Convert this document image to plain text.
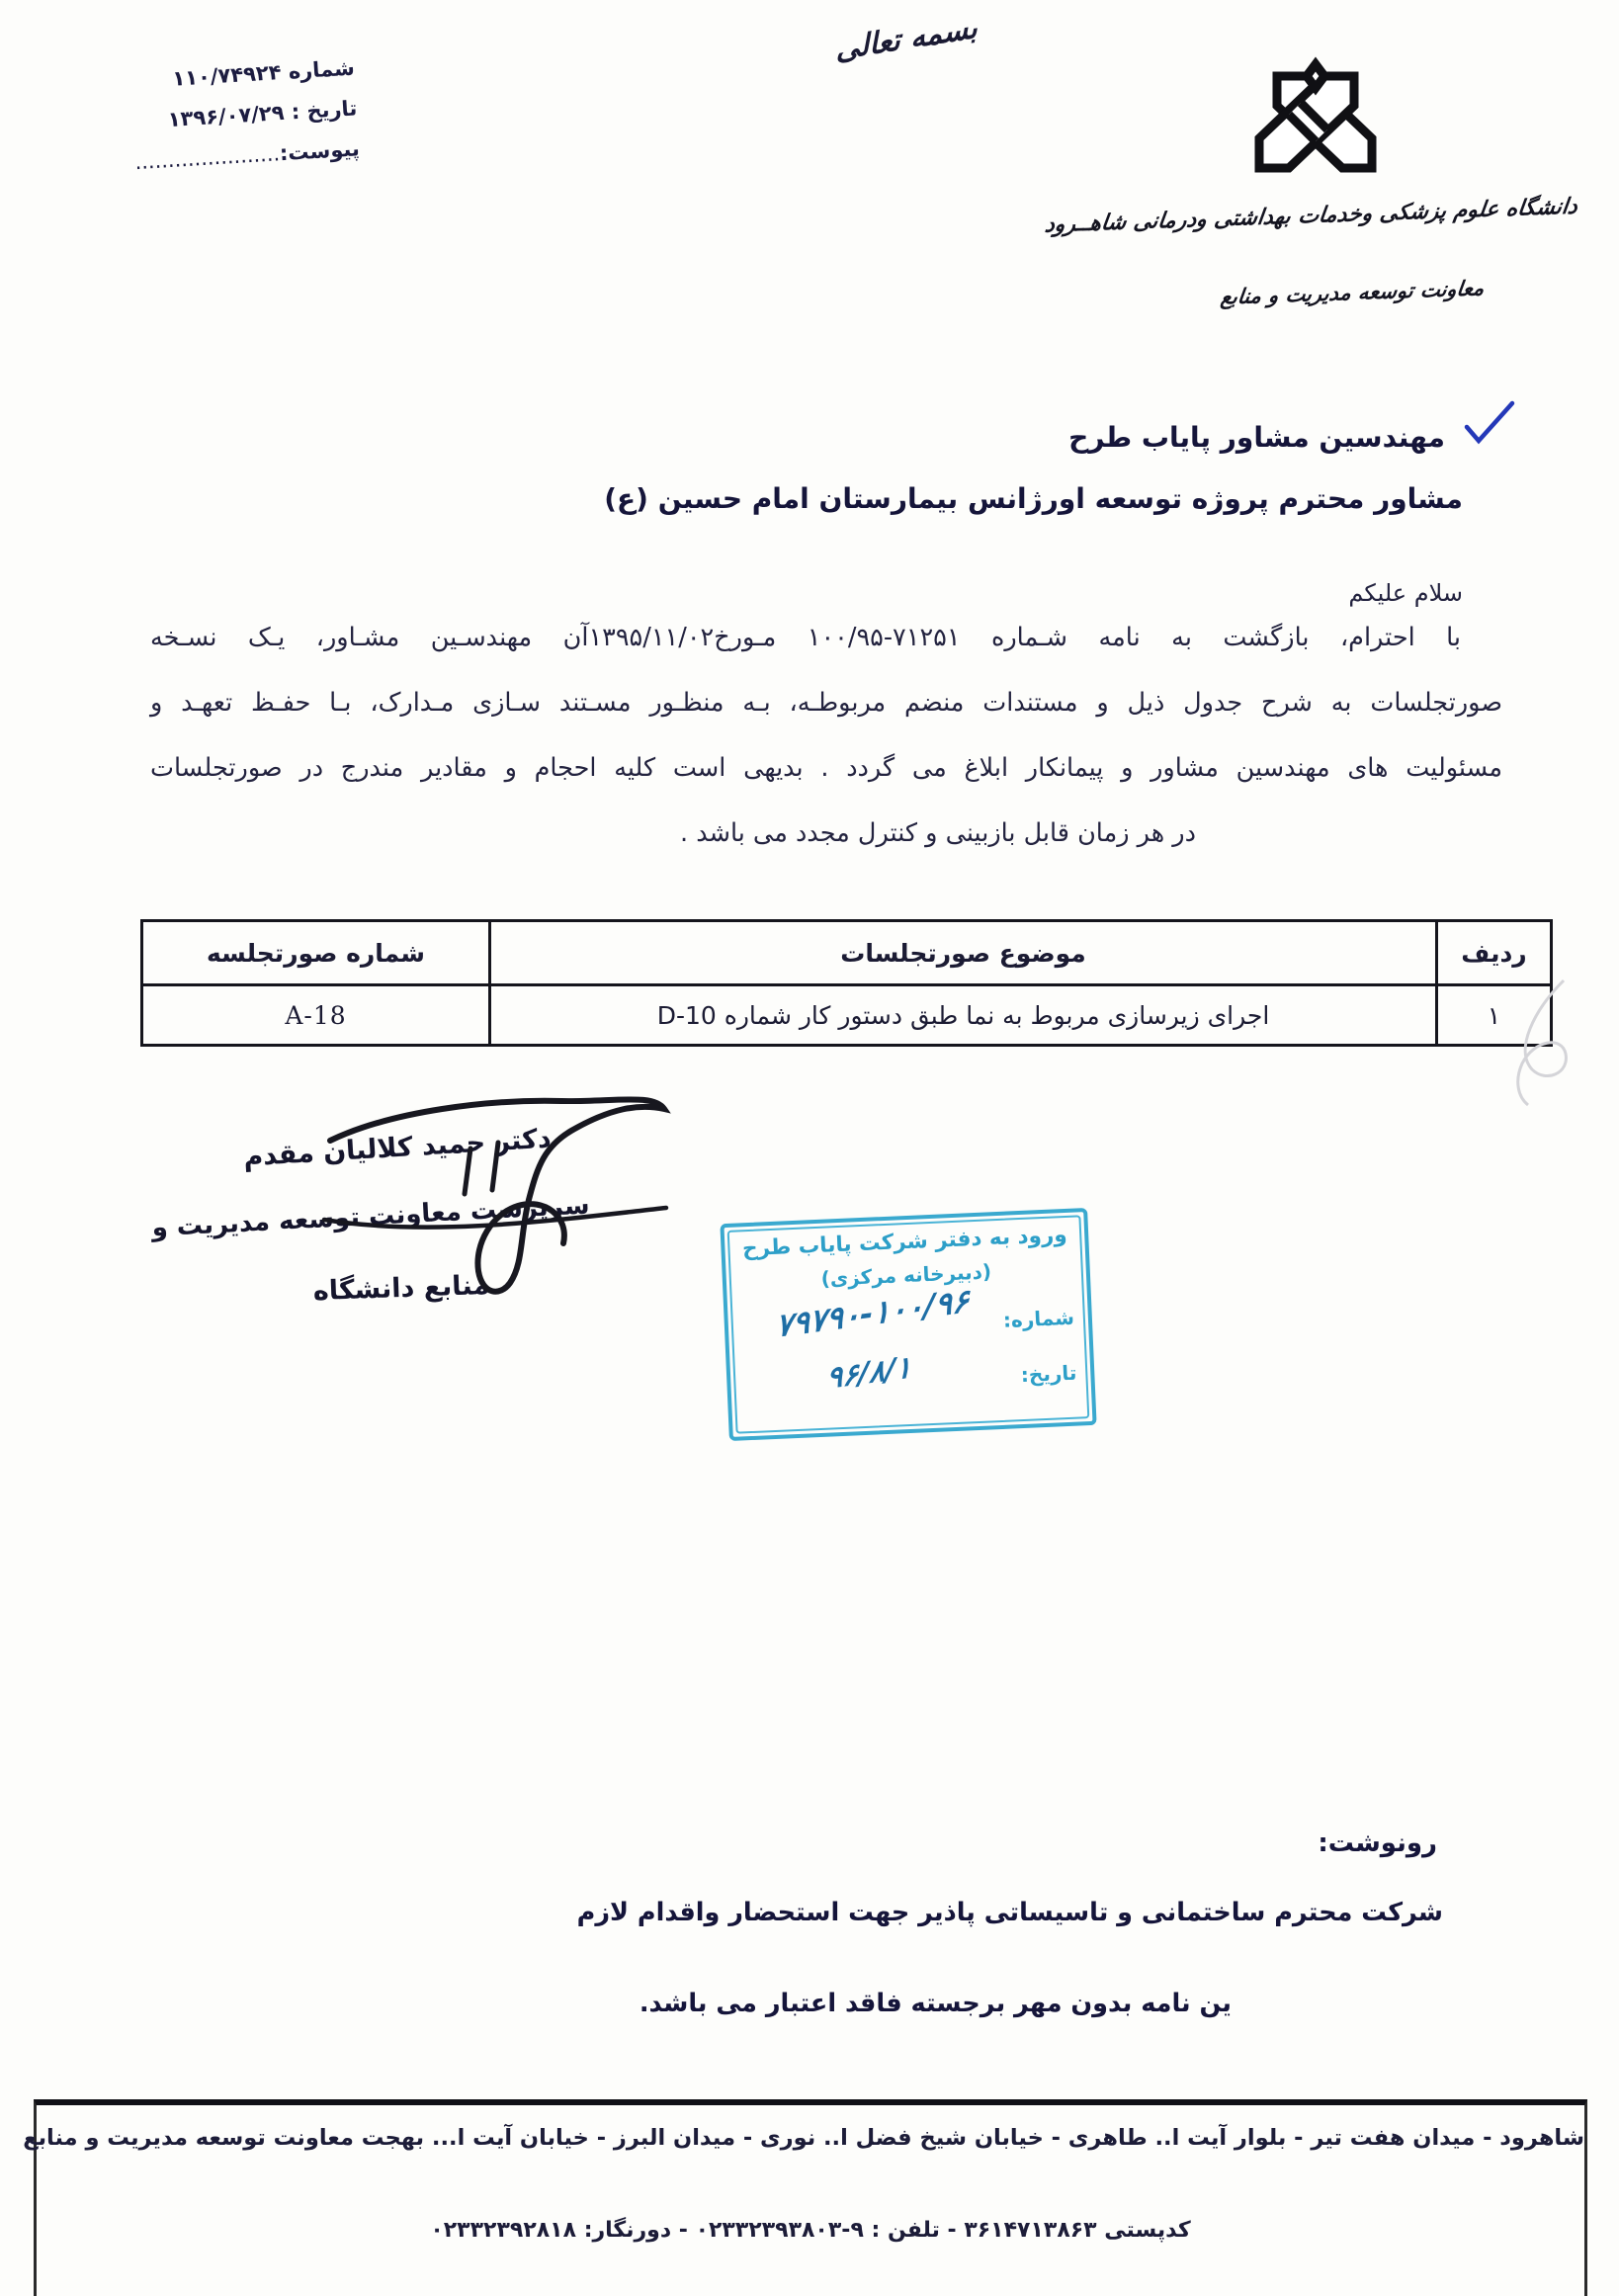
بسمه تعالی
شماره ۱۱۰/۷۴۹۲۴
تاریخ : ۱۳۹۶/۰۷/۲۹
پیوست:......................
دانشگاه علوم پزشکی وخدمات بهداشتی ودرمانی شاهــرود
معاونت توسعه مدیریت و منابع
مهندسین مشاور پایاب طرح
مشاور محترم پروژه توسعه اورژانس بیمارستان امام حسین (ع)
سلام علیکم
با احترام، بازگشت به نامه شـماره ۷۱۲۵۱-۱۰۰/۹۵ مـورخ۱۳۹۵/۱۱/۰۲آن مهندسـین مشـاور، یـک نسـخه
صورتجلسات به شرح جدول ذیل و مستندات منضم مربوطـه، بـه منظـور مسـتند سـازی مـدارک، بـا حفـظ تعهـد و
مسئولیت های مهندسین مشاور و پیمانکار ابلاغ می گردد . بدیهی است کلیه احجام و مقادیر مندرج در صورتجلسات
در هر زمان قابل بازبینی و کنترل مجدد می باشد .
ردیف	موضوع صورتجلسات	شماره صورتجلسه
۱	اجرای زیرسازی مربوط به نما طبق دستور کار شماره D-10	A-18
دکتر حمید کلالیان مقدم
سرپرست معاونت توسعه مدیریت و
منابع دانشگاه
ورود به دفتر شرکت پایاب طرح
(دبیرخانه مرکزی)
شماره:
۷۹۷۹۰-۱۰۰/۹۶
تاریخ:
۹۶/۸/۱
رونوشت:
شرکت محترم ساختمانی و تاسیساتی پاذیر جهت استحضار واقدام لازم
ین نامه بدون مهر برجسته فاقد اعتبار می باشد.
شاهرود - میدان هفت تیر - بلوار آیت ا.. طاهری - خیابان شیخ فضل ا.. نوری - میدان البرز - خیابان آیت ا... بهجت معاونت توسعه مدیریت و منابع
کدپستی ۳۶۱۴۷۱۳۸۶۳ - تلفن : ۹-۰۲۳۳۲۳۹۳۸۰۳ - دورنگار: ۰۲۳۳۲۳۹۲۸۱۸
